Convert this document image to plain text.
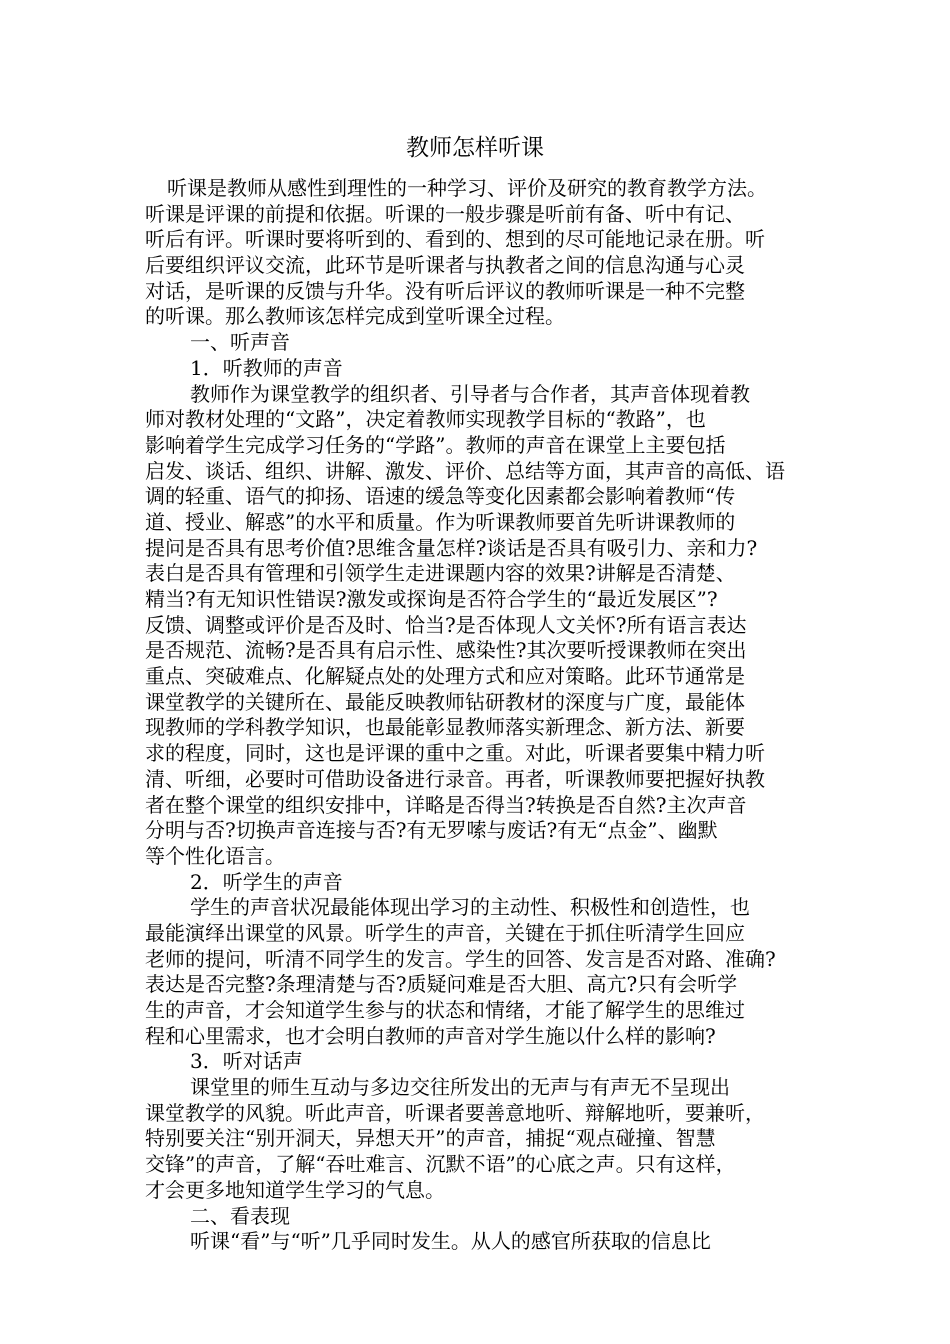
教师怎样听课
听课是教师从感性到理性的一种学习、评价及研究的教育教学方法。
听课是评课的前提和依据。听课的一般步骤是听前有备、听中有记、
听后有评。听课时要将听到的、看到的、想到的尽可能地记录在册。听
后要组织评议交流，此环节是听课者与执教者之间的信息沟通与心灵
对话，是听课的反馈与升华。没有听后评议的教师听课是一种不完整
的听课。那么教师该怎样完成到堂听课全过程。
一、听声音
1．听教师的声音
教师作为课堂教学的组织者、引导者与合作者，其声音体现着教
师对教材处理的“文路”，决定着教师实现教学目标的“教路”，也
影响着学生完成学习任务的“学路”。教师的声音在课堂上主要包括
启发、谈话、组织、讲解、激发、评价、总结等方面，其声音的高低、语
调的轻重、语气的抑扬、语速的缓急等变化因素都会影响着教师“传
道、授业、解惑”的水平和质量。作为听课教师要首先听讲课教师的
提问是否具有思考价值?思维含量怎样?谈话是否具有吸引力、亲和力?
表白是否具有管理和引领学生走进课题内容的效果?讲解是否清楚、
精当?有无知识性错误?激发或探询是否符合学生的“最近发展区”?
反馈、调整或评价是否及时、恰当?是否体现人文关怀?所有语言表达
是否规范、流畅?是否具有启示性、感染性?其次要听授课教师在突出
重点、突破难点、化解疑点处的处理方式和应对策略。此环节通常是
课堂教学的关键所在、最能反映教师钻研教材的深度与广度，最能体
现教师的学科教学知识，也最能彰显教师落实新理念、新方法、新要
求的程度，同时，这也是评课的重中之重。对此，听课者要集中精力听
清、听细，必要时可借助设备进行录音。再者，听课教师要把握好执教
者在整个课堂的组织安排中，详略是否得当?转换是否自然?主次声音
分明与否?切换声音连接与否?有无罗嗦与废话?有无“点金”、幽默
等个性化语言。
2．听学生的声音
学生的声音状况最能体现出学习的主动性、积极性和创造性，也
最能演绎出课堂的风景。听学生的声音，关键在于抓住听清学生回应
老师的提问，听清不同学生的发言。学生的回答、发言是否对路、准确?
表达是否完整?条理清楚与否?质疑问难是否大胆、高亢?只有会听学
生的声音，才会知道学生参与的状态和情绪，才能了解学生的思维过
程和心里需求，也才会明白教师的声音对学生施以什么样的影响?
3．听对话声
课堂里的师生互动与多边交往所发出的无声与有声无不呈现出
课堂教学的风貌。听此声音，听课者要善意地听、辩解地听，要兼听，
特别要关注“别开洞天，异想天开”的声音，捕捉“观点碰撞、智慧
交锋”的声音，了解“吞吐难言、沉默不语”的心底之声。只有这样，
才会更多地知道学生学习的气息。
二、看表现
听课“看”与“听”几乎同时发生。从人的感官所获取的信息比
